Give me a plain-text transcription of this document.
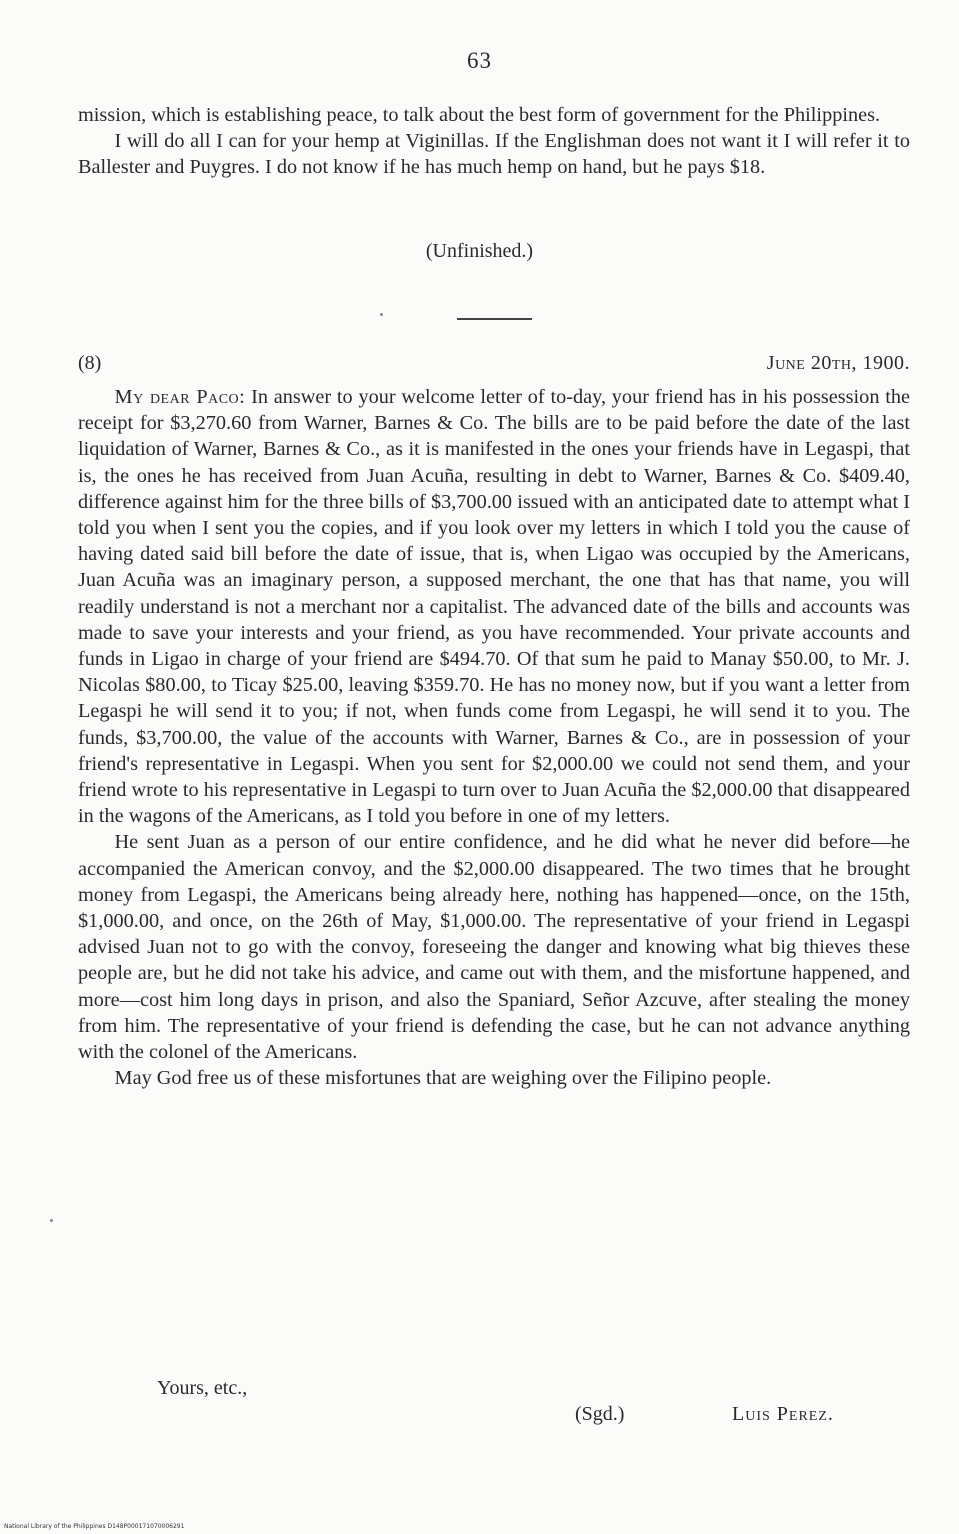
63

mission, which is establishing peace, to talk about the best form of government for the Philippines.

I will do all I can for your hemp at Viginillas. If the Englishman does not want it I will refer it to Ballester and Puygres. I do not know if he has much hemp on hand, but he pays $18.

(Unfinished.)
(8)	June 20th, 1900.

My dear Paco: In answer to your welcome letter of to-day, your friend has in his possession the receipt for $3,270.60 from Warner, Barnes & Co. The bills are to be paid before the date of the last liquidation of Warner, Barnes & Co., as it is manifested in the ones your friends have in Legaspi, that is, the ones he has received from Juan Acuña, resulting in debt to Warner, Barnes & Co. $409.40, difference against him for the three bills of $3,700.00 issued with an anticipated date to attempt what I told you when I sent you the copies, and if you look over my letters in which I told you the cause of having dated said bill before the date of issue, that is, when Ligao was occupied by the Americans, Juan Acuña was an imaginary person, a supposed merchant, the one that has that name, you will readily understand is not a merchant nor a capitalist. The advanced date of the bills and accounts was made to save your interests and your friend, as you have recommended. Your private accounts and funds in Ligao in charge of your friend are $494.70. Of that sum he paid to Manay $50.00, to Mr. J. Nicolas $80.00, to Ticay $25.00, leaving $359.70. He has no money now, but if you want a letter from Legaspi he will send it to you; if not, when funds come from Legaspi, he will send it to you. The funds, $3,700.00, the value of the accounts with Warner, Barnes & Co., are in possession of your friend's representative in Legaspi. When you sent for $2,000.00 we could not send them, and your friend wrote to his representative in Legaspi to turn over to Juan Acuña the $2,000.00 that disappeared in the wagons of the Americans, as I told you before in one of my letters.

He sent Juan as a person of our entire confidence, and he did what he never did before—he accompanied the American convoy, and the $2,000.00 disappeared. The two times that he brought money from Legaspi, the Americans being already here, nothing has happened—once, on the 15th, $1,000.00, and once, on the 26th of May, $1,000.00. The representative of your friend in Legaspi advised Juan not to go with the convoy, foreseeing the danger and knowing what big thieves these people are, but he did not take his advice, and came out with them, and the misfortune happened, and more—cost him long days in prison, and also the Spaniard, Señor Azcuve, after stealing the money from him. The representative of your friend is defending the case, but he can not advance anything with the colonel of the Americans.

May God free us of these misfortunes that are weighing over the Filipino people.

Yours, etc.,
(Sgd.)	Luis Perez.
National Library of the Philippines D148P000171070006291
